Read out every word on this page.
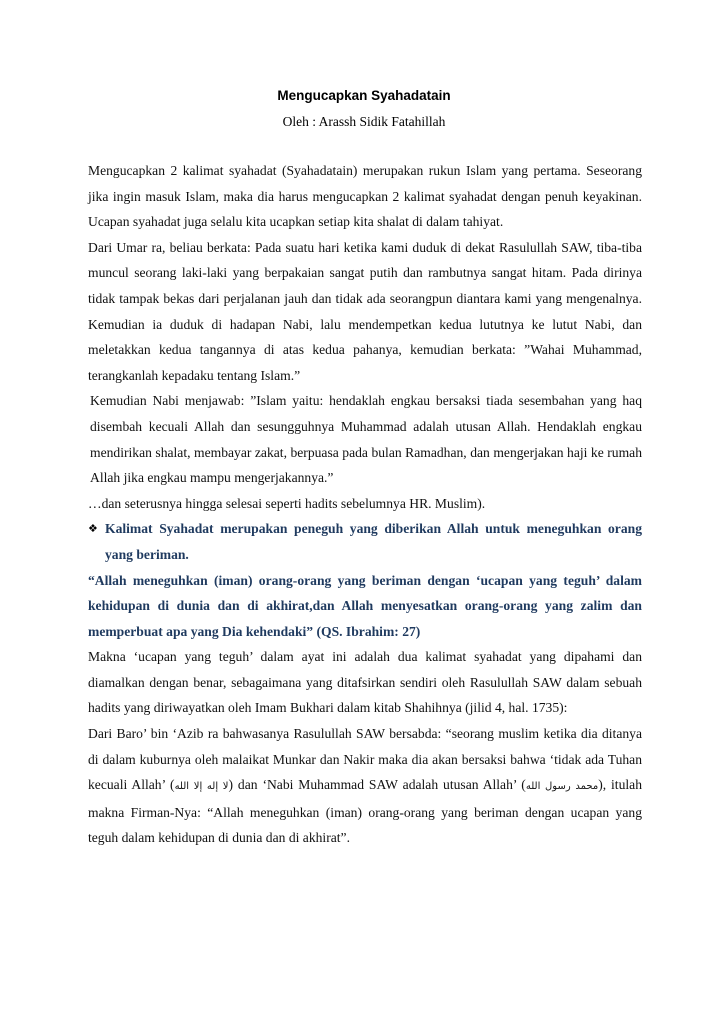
Mengucapkan Syahadatain
Oleh : Arassh Sidik Fatahillah

Mengucapkan 2 kalimat syahadat (Syahadatain) merupakan rukun Islam yang pertama. Seseorang jika ingin masuk Islam, maka dia harus mengucapkan 2 kalimat syahadat dengan penuh keyakinan. Ucapan syahadat juga selalu kita ucapkan setiap kita shalat di dalam tahiyat.

Dari Umar ra, beliau berkata: Pada suatu hari ketika kami duduk di dekat Rasulullah SAW, tiba-tiba muncul seorang laki-laki yang berpakaian sangat putih dan rambutnya sangat hitam. Pada dirinya tidak tampak bekas dari perjalanan jauh dan tidak ada seorangpun diantara kami yang mengenalnya. Kemudian ia duduk di hadapan Nabi, lalu mendempetkan kedua lututnya ke lutut Nabi, dan meletakkan kedua tangannya di atas kedua pahanya, kemudian berkata: ”Wahai Muhammad, terangkanlah kepadaku tentang Islam.”

Kemudian Nabi menjawab: ”Islam yaitu: hendaklah engkau bersaksi tiada sesembahan yang haq disembah kecuali Allah dan sesungguhnya Muhammad adalah utusan Allah. Hendaklah engkau mendirikan shalat, membayar zakat, berpuasa pada bulan Ramadhan, dan mengerjakan haji ke rumah Allah jika engkau mampu mengerjakannya.”

…dan seterusnya hingga selesai seperti hadits sebelumnya HR. Muslim).

❖ Kalimat Syahadat merupakan peneguh yang diberikan Allah untuk meneguhkan orang yang beriman.

“Allah meneguhkan (iman) orang-orang yang beriman dengan ‘ucapan yang teguh’ dalam kehidupan di dunia dan di akhirat,dan Allah menyesatkan orang-orang yang zalim dan memperbuat apa yang Dia kehendaki” (QS. Ibrahim: 27)

Makna ‘ucapan yang teguh’ dalam ayat ini adalah dua kalimat syahadat yang dipahami dan diamalkan dengan benar, sebagaimana yang ditafsirkan sendiri oleh Rasulullah SAW dalam sebuah hadits yang diriwayatkan oleh Imam Bukhari dalam kitab Shahihnya (jilid 4, hal. 1735):

Dari Baro’ bin ‘Azib ra bahwasanya Rasulullah SAW bersabda: “seorang muslim ketika dia ditanya di dalam kuburnya oleh malaikat Munkar dan Nakir maka dia akan bersaksi bahwa ‘tidak ada Tuhan kecuali Allah’ (لا إله إلا الله) dan ‘Nabi Muhammad SAW adalah utusan Allah’ (محمد رسول الله), itulah makna Firman-Nya: “Allah meneguhkan (iman) orang-orang yang beriman dengan ucapan yang teguh dalam kehidupan di dunia dan di akhirat”.
